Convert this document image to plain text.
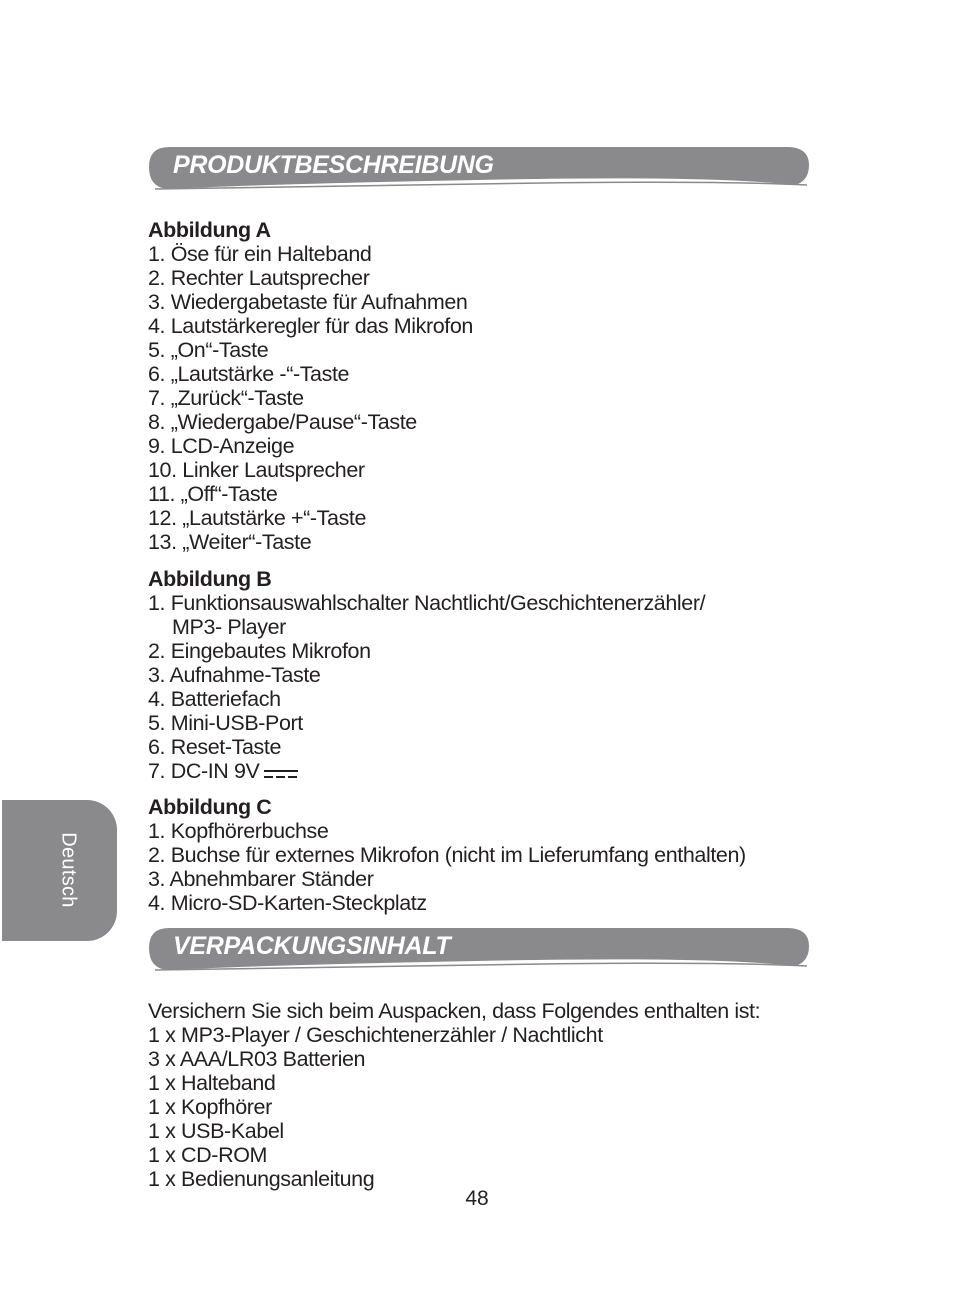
PRODUKTBESCHREIBUNG
Abbildung A
1. Öse für ein Halteband
2. Rechter Lautsprecher
3. Wiedergabetaste für Aufnahmen
4. Lautstärkeregler für das Mikrofon
5. „On“-Taste
6. „Lautstärke -“-Taste
7. „Zurück“-Taste
8. „Wiedergabe/Pause“-Taste
9. LCD-Anzeige
10. Linker Lautsprecher
11. „Off“-Taste
12. „Lautstärke +“-Taste
13. „Weiter“-Taste
Abbildung B
1. Funktionsauswahlschalter Nachtlicht/Geschichtenerzähler/
MP3- Player
2. Eingebautes Mikrofon
3. Aufnahme-Taste
4. Batteriefach
5. Mini-USB-Port
6. Reset-Taste
7. DC-IN 9V
Abbildung C
1. Kopfhörerbuchse
2. Buchse für externes Mikrofon (nicht im Lieferumfang enthalten)
3. Abnehmbarer Ständer
4. Micro-SD-Karten-Steckplatz
VERPACKUNGSINHALT
Versichern Sie sich beim Auspacken, dass Folgendes enthalten ist:
1 x MP3-Player / Geschichtenerzähler / Nachtlicht
3 x AAA/LR03 Batterien
1 x Halteband
1 x Kopfhörer
1 x USB-Kabel
1 x CD-ROM
1 x Bedienungsanleitung
Deutsch
48
